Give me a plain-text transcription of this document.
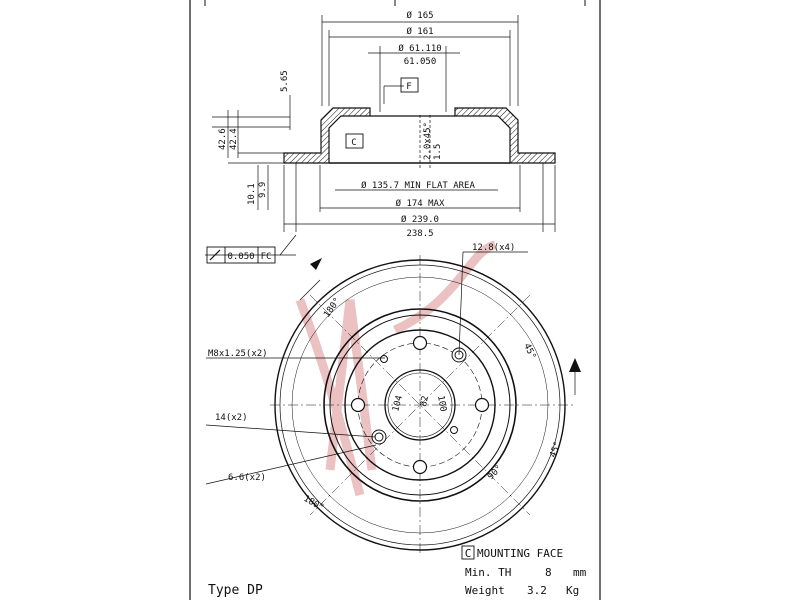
Ø 165
Ø 161
Ø 61.110
61.050
F
C
5.65
42.6 42.4	2.0x45° 1.5
10.1 9.9	Ø 135.7 MIN FLAT AREA
Ø 174 MAX
Ø 239.0
238.5
0.050 FC
12.8(x4)
M8x1.25(x2)
14(x2)
6.6(x2)
180°
180°
45°
45°
90°
104	100
82
C MOUNTING FACE
Min. TH	8 mm
Weight 3.2 Kg
Type DP
